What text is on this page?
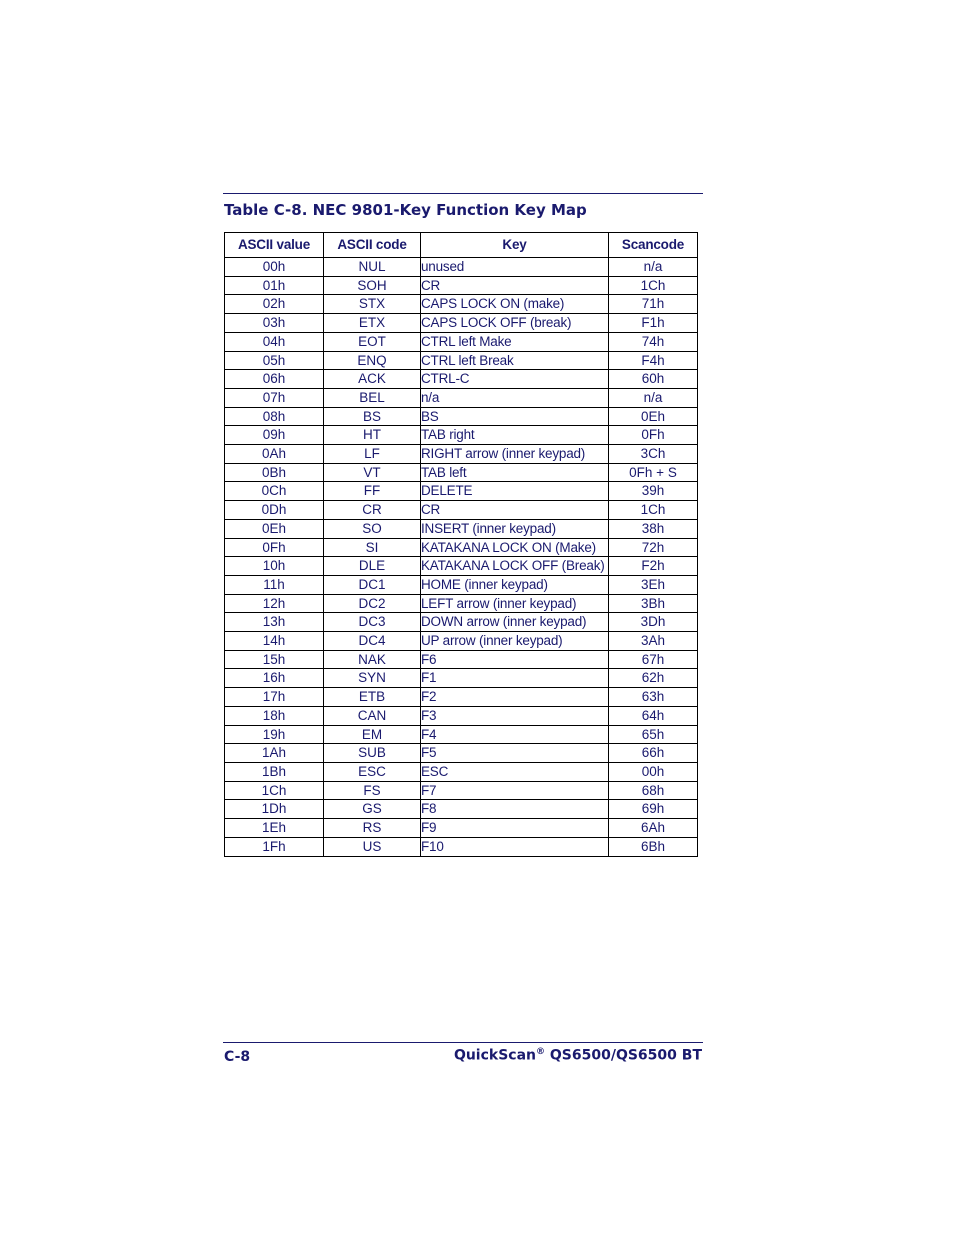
Table C-8. NEC 9801-Key Function Key Map
ASCII value	ASCII code	Key	Scancode
00h	NUL	unused	n/a
01h	SOH	CR	1Ch
02h	STX	CAPS LOCK ON (make)	71h
03h	ETX	CAPS LOCK OFF (break)	F1h
04h	EOT	CTRL left Make	74h
05h	ENQ	CTRL left Break	F4h
06h	ACK	CTRL-C	60h
07h	BEL	n/a	n/a
08h	BS	BS	0Eh
09h	HT	TAB right	0Fh
0Ah	LF	RIGHT arrow (inner keypad)	3Ch
0Bh	VT	TAB left	0Fh + S
0Ch	FF	DELETE	39h
0Dh	CR	CR	1Ch
0Eh	SO	INSERT (inner keypad)	38h
0Fh	SI	KATAKANA LOCK ON (Make)	72h
10h	DLE	KATAKANA LOCK OFF (Break)	F2h
11h	DC1	HOME (inner keypad)	3Eh
12h	DC2	LEFT arrow (inner keypad)	3Bh
13h	DC3	DOWN arrow (inner keypad)	3Dh
14h	DC4	UP arrow (inner keypad)	3Ah
15h	NAK	F6	67h
16h	SYN	F1	62h
17h	ETB	F2	63h
18h	CAN	F3	64h
19h	EM	F4	65h
1Ah	SUB	F5	66h
1Bh	ESC	ESC	00h
1Ch	FS	F7	68h
1Dh	GS	F8	69h
1Eh	RS	F9	6Ah
1Fh	US	F10	6Bh
C-8	QuickScan® QS6500/QS6500 BT
